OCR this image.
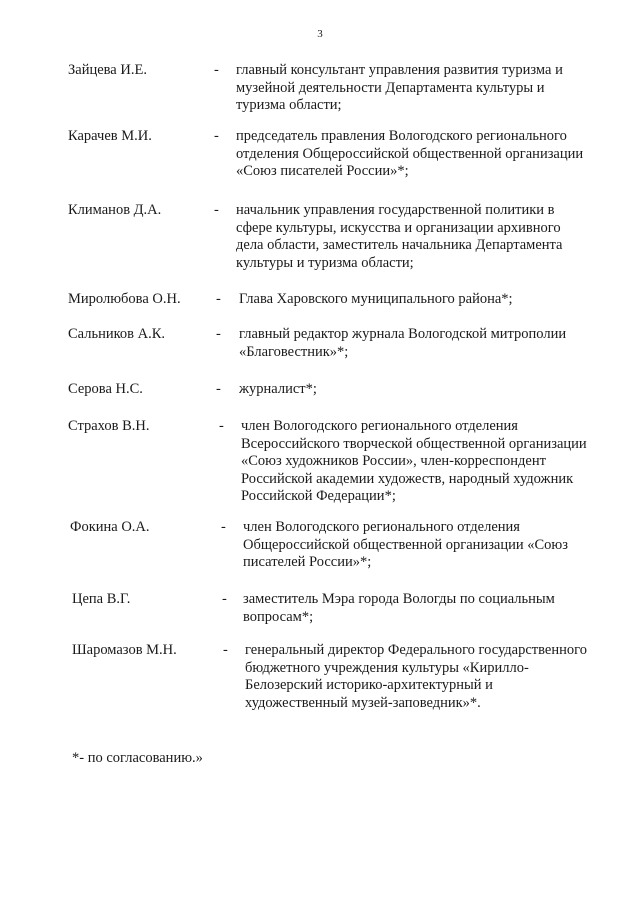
3
Зайцева И.Е.	- главный консультант управления развития туризма и музейной деятельности Департамента культуры и туризма области;
Карачев М.И.	- председатель правления Вологодского регионального отделения Общероссийской общественной организации «Союз писателей России»*;
Климанов Д.А.	- начальник управления государственной политики в сфере культуры, искусства и организации архивного дела области, заместитель начальника Департамента культуры и туризма области;
Миролюбова О.Н. - Глава Харовского муниципального района*;
Сальников А.К.	- главный редактор журнала Вологодской митрополии «Благовестник»*;
Серова Н.С.	- журналист*;
Страхов В.Н.	- член Вологодского регионального отделения Всероссийского творческой общественной организации «Союз художников России», член-корреспондент Российской академии художеств, народный художник Российской Федерации*;
Фокина О.А.	- член Вологодского регионального отделения Общероссийской общественной организации «Союз писателей России»*;
Цепа В.Г.	- заместитель Мэра города Вологды по социальным вопросам*;
Шаромазов М.Н.	- генеральный директор Федерального государственного бюджетного учреждения культуры «Кирилло-Белозерский историко-архитектурный и художественный музей-заповедник»*.
*- по согласованию.»
